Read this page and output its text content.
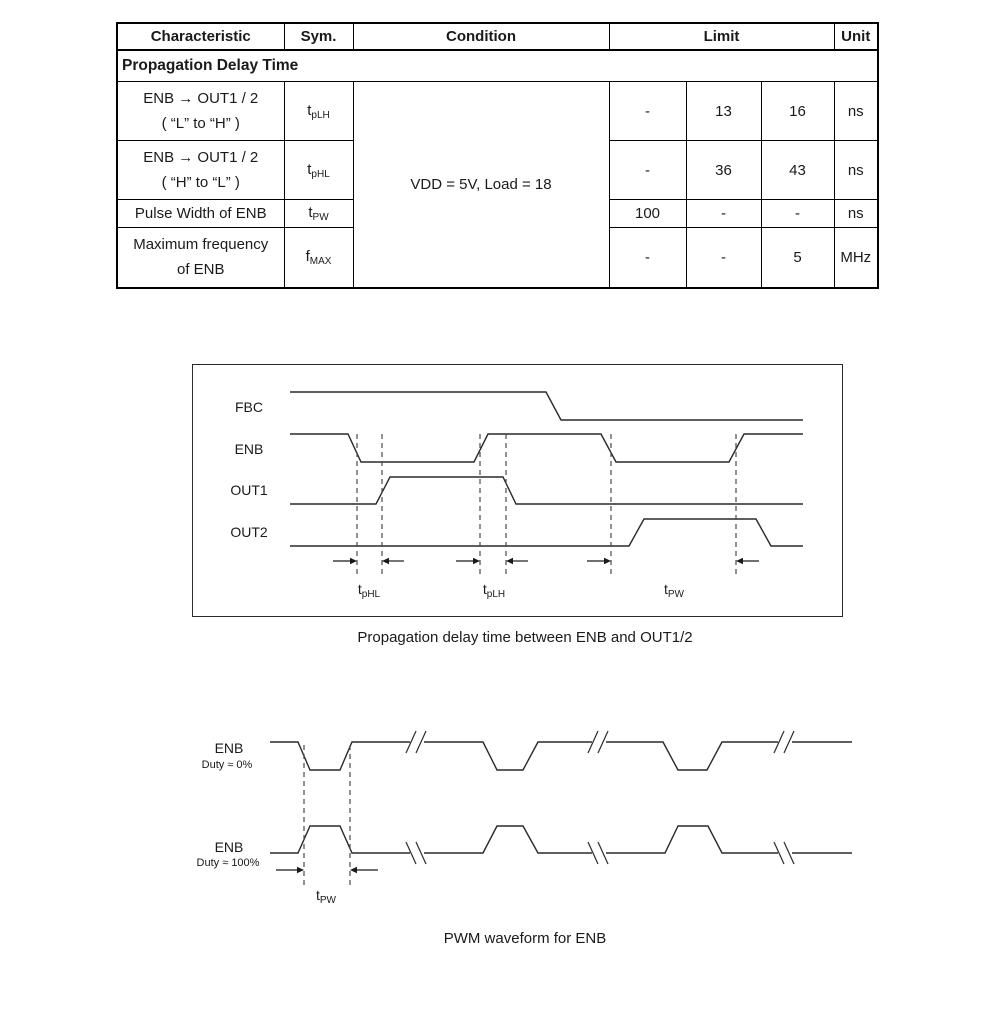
Characteristic	Sym.	Condition	Limit			Unit
Propagation Delay Time						

ENB → OUT1 / 2
( “L” to “H” )	$t_{pLH}$	VDD = 5V, Load = 18	-	13	16	ns

ENB → OUT1 / 2
( “H” to “L” )	$t_{pHL}$		-	36	43	ns

Pulse Width of ENB	$t_{PW}$		100	-	-	ns

Maximum frequency
of ENB	$f_{MAX}$		-	-	5	MHz
FBC
ENB
OUT1
OUT2
$t_{pHL}$	$t_{pLH}$	$t_{PW}$
Propagation delay time between ENB and OUT1/2
ENB
Duty ≈ 0%
ENB
Duty ≈ 100%
$t_{PW}$
PWM waveform for ENB
